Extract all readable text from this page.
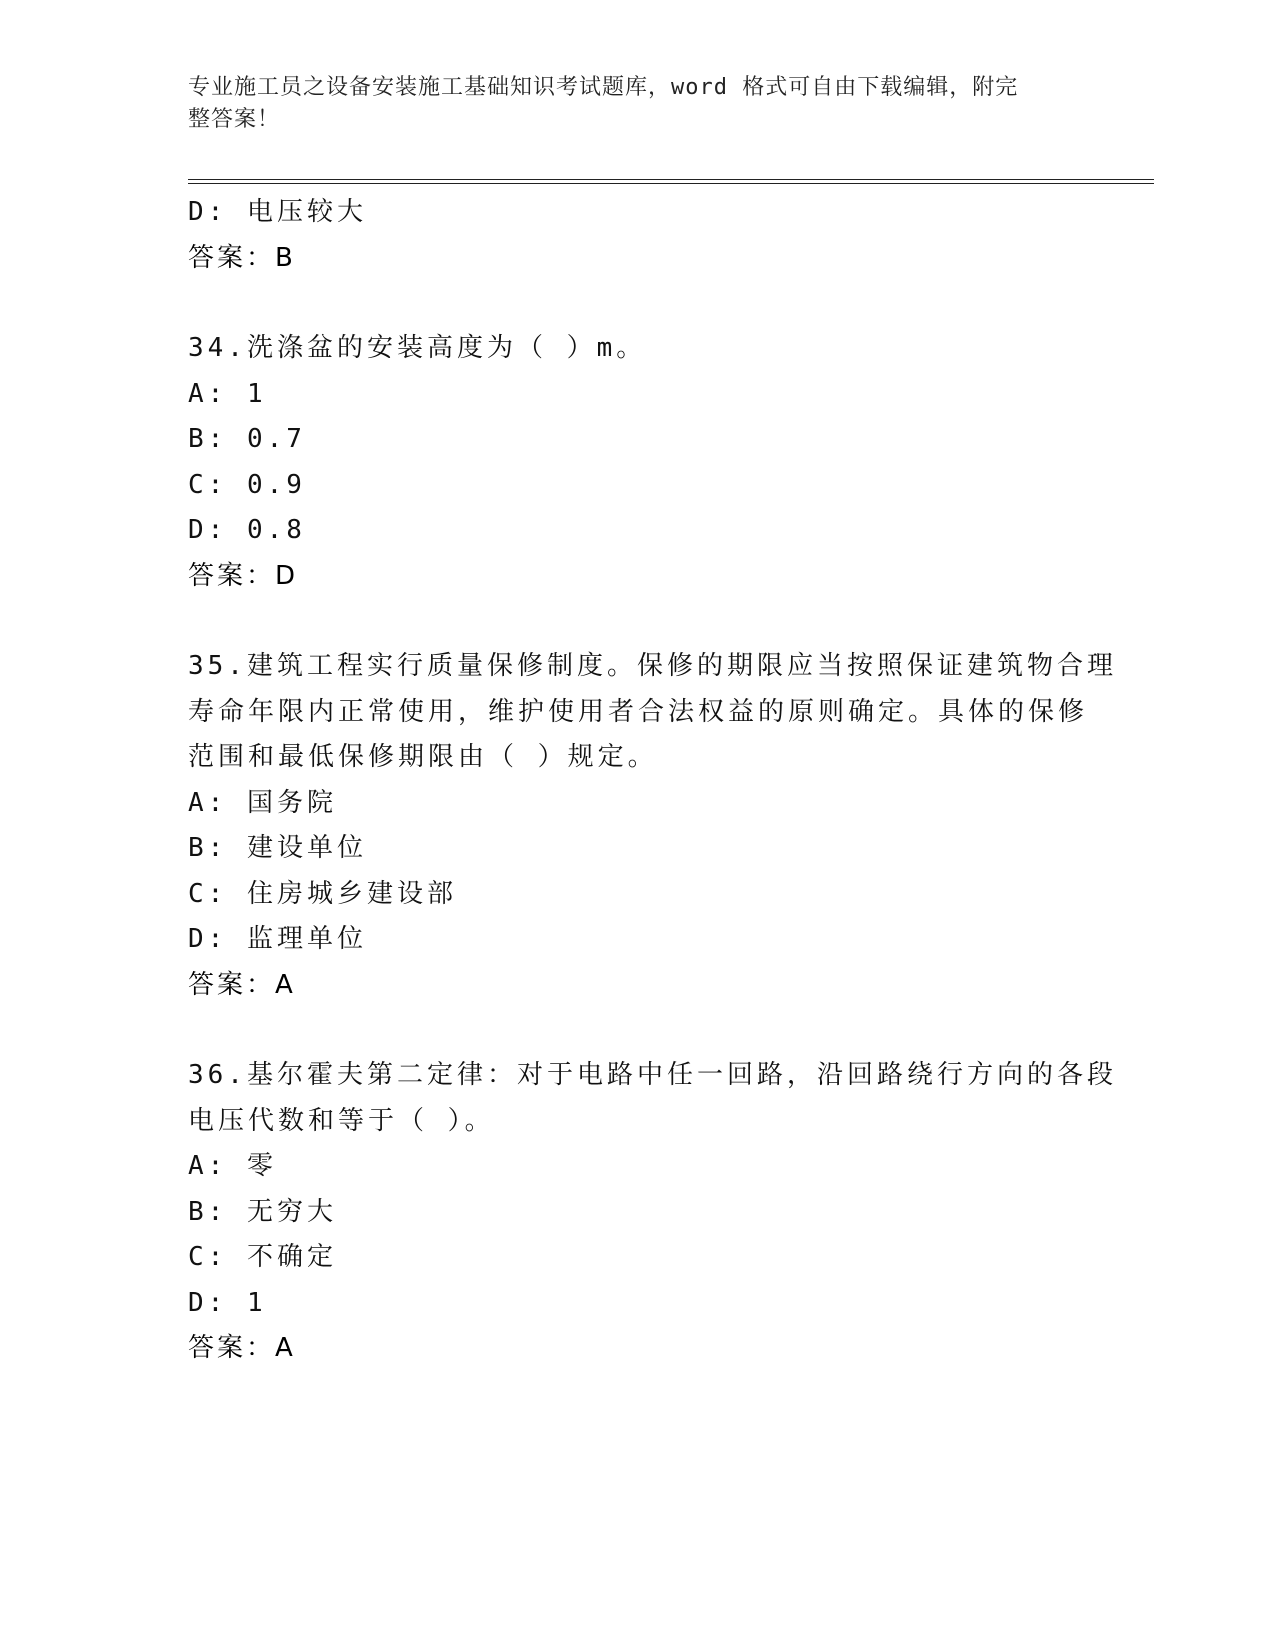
专业施工员之设备安装施工基础知识考试题库，word 格式可自由下载编辑，附完
整答案！
D: 电压较大
答案：B
34.洗涤盆的安装高度为（ ）m。
A: 1
B: 0.7
C: 0.9
D: 0.8
答案：D
35.建筑工程实行质量保修制度。保修的期限应当按照保证建筑物合理
寿命年限内正常使用，维护使用者合法权益的原则确定。具体的保修
范围和最低保修期限由（ ）规定。
A: 国务院
B: 建设单位
C: 住房城乡建设部
D: 监理单位
答案：A
36.基尔霍夫第二定律：对于电路中任一回路，沿回路绕行方向的各段
电压代数和等于（ ）。
A: 零
B: 无穷大
C: 不确定
D: 1
答案：A
